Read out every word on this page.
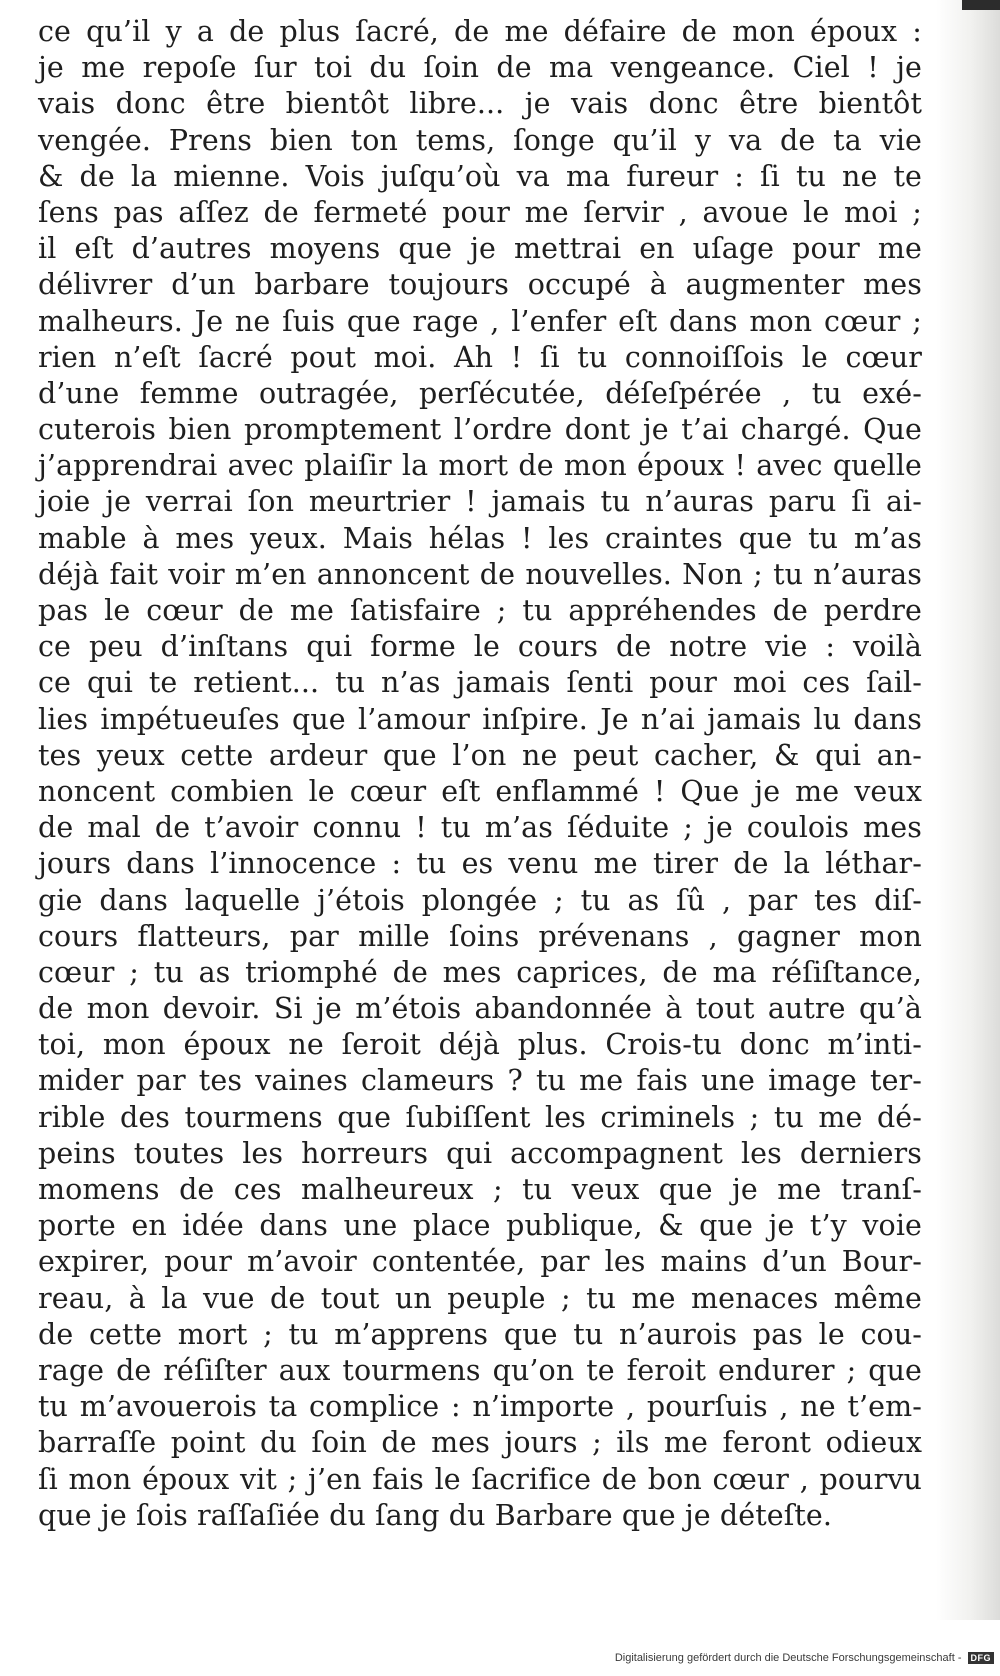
ce qu’il y a de plus ſacré, de me défaire de mon époux :
je me repoſe ſur toi du ſoin de ma vengeance. Ciel ! je
vais donc être bientôt libre... je vais donc être bientôt
vengée. Prens bien ton tems, ſonge qu’il y va de ta vie
& de la mienne. Vois juſqu’où va ma fureur : ſi tu ne te
ſens pas aſſez de fermeté pour me ſervir , avoue le moi ;
il eſt d’autres moyens que je mettrai en uſage pour me
délivrer d’un barbare toujours occupé à augmenter mes
malheurs. Je ne ſuis que rage , l’enfer eſt dans mon cœur ;
rien n’eſt ſacré pout moi. Ah ! ſi tu connoiſſois le cœur
d’une femme outragée, perſécutée, déſeſpérée , tu exé-
cuterois bien promptement l’ordre dont je t’ai chargé. Que
j’apprendrai avec plaiſir la mort de mon époux ! avec quelle
joie je verrai ſon meurtrier ! jamais tu n’auras paru ſi ai-
mable à mes yeux. Mais hélas ! les craintes que tu m’as
déjà fait voir m’en annoncent de nouvelles. Non ; tu n’auras
pas le cœur de me ſatisfaire ; tu appréhendes de perdre
ce peu d’inſtans qui forme le cours de notre vie : voilà
ce qui te retient... tu n’as jamais ſenti pour moi ces ſail-
lies impétueuſes que l’amour inſpire. Je n’ai jamais lu dans
tes yeux cette ardeur que l’on ne peut cacher, & qui an-
noncent combien le cœur eſt enflammé ! Que je me veux
de mal de t’avoir connu ! tu m’as ſéduite ; je coulois mes
jours dans l’innocence : tu es venu me tirer de la léthar-
gie dans laquelle j’étois plongée ; tu as ſû , par tes diſ-
cours flatteurs, par mille ſoins prévenans , gagner mon
cœur ; tu as triomphé de mes caprices, de ma réſiſtance,
de mon devoir. Si je m’étois abandonnée à tout autre qu’à
toi, mon époux ne ſeroit déjà plus. Crois-tu donc m’inti-
mider par tes vaines clameurs ? tu me fais une image ter-
rible des tourmens que ſubiſſent les criminels ; tu me dé-
peins toutes les horreurs qui accompagnent les derniers
momens de ces malheureux ; tu veux que je me tranſ-
porte en idée dans une place publique, & que je t’y voie
expirer, pour m’avoir contentée, par les mains d’un Bour-
reau, à la vue de tout un peuple ; tu me menaces même
de cette mort ; tu m’apprens que tu n’aurois pas le cou-
rage de réſiſter aux tourmens qu’on te feroit endurer ; que
tu m’avouerois ta complice : n’importe , pourſuis , ne t’em-
barraſſe point du ſoin de mes jours ; ils me feront odieux
ſi mon époux vit ; j’en fais le ſacrifice de bon cœur , pourvu
que je ſois raſſaſiée du ſang du Barbare que je déteſte.
Digitalisierung gefördert durch die Deutsche Forschungsgemeinschaft -	DFG
